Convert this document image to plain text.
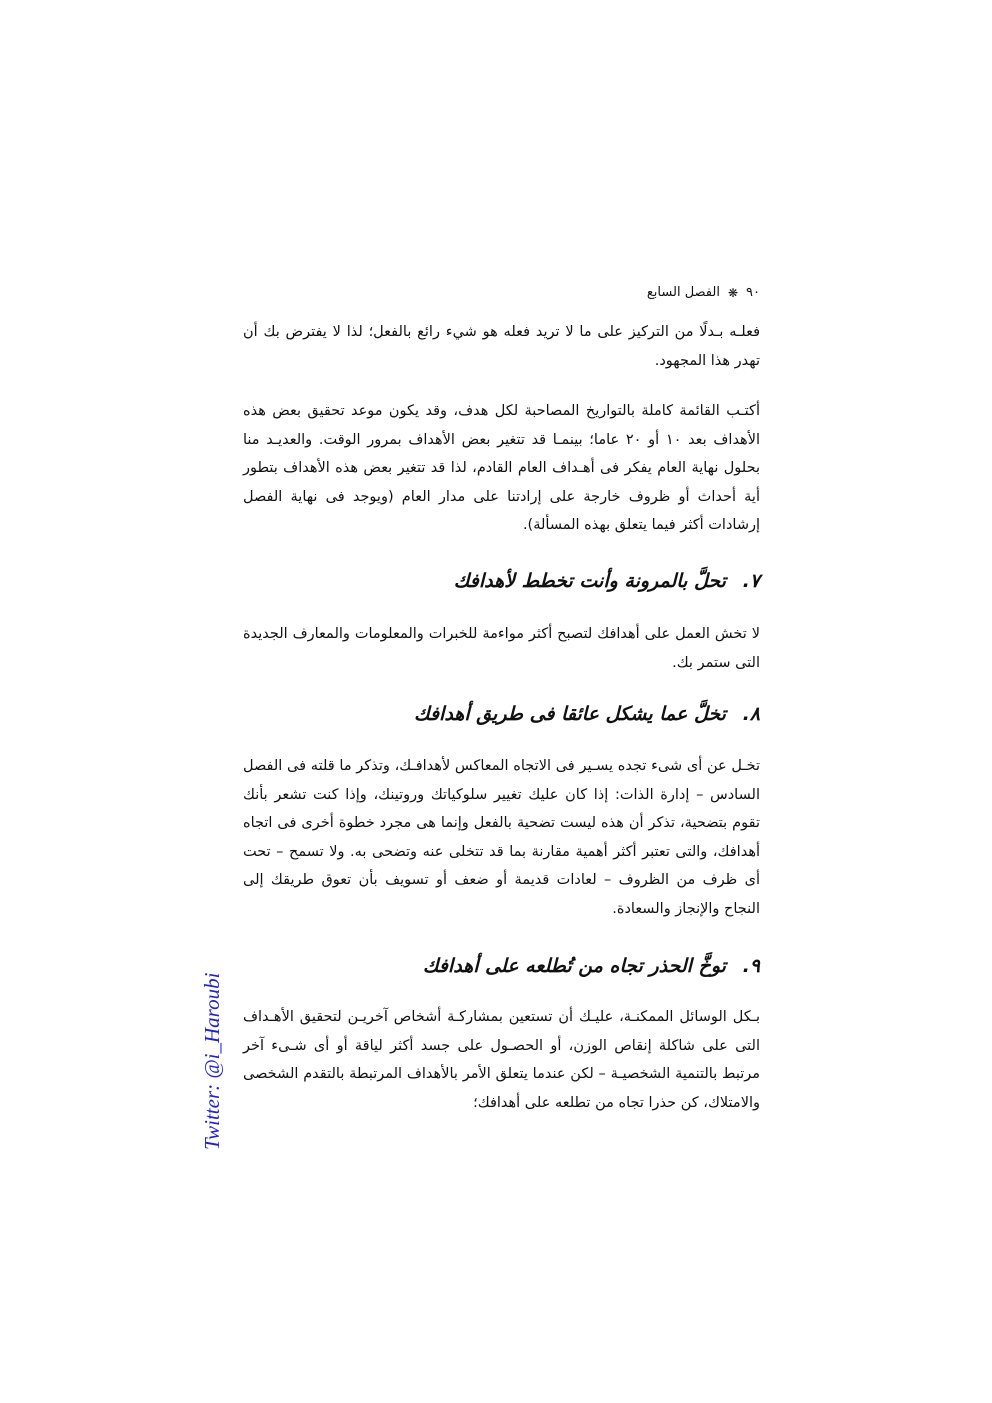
٩٠
❋
الفصل السابع

فعلـه بـدلًا من التركيز على ما لا تريد فعله هو شيء رائع بالفعل؛ لذا لا يفترض بك أن تهدر هذا المجهود.

أكتـب القائمة كاملة بالتواريخ المصاحبة لكل هدف، وقد يكون موعد تحقيق بعض هذه الأهداف بعد ١٠ أو ٢٠ عاما؛ بينمـا قد تتغير بعض الأهداف بمرور الوقت. والعديـد منا بحلول نهاية العام يفكر فى أهـداف العام القادم، لذا قد تتغير بعض هذه الأهداف بتطور أية أحداث أو ظروف خارجة على إرادتنا على مدار العام (ويوجد فى نهاية الفصل إرشادات أكثر فيما يتعلق بهذه المسألة).

٧. تحلَّ بالمرونة وأنت تخطط لأهدافك

لا تخش العمل على أهدافك لتصبح أكثر مواءمة للخبرات والمعلومات والمعارف الجديدة التى ستمر بك.

٨. تخلَّ عما يشكل عائقا فى طريق أهدافك

تخـل عن أى شىء تجده يسـير فى الاتجاه المعاكس لأهدافـك، وتذكر ما قلته فى الفصل السادس – إدارة الذات: إذا كان عليك تغيير سلوكياتك وروتينك، وإذا كنت تشعر بأنك تقوم بتضحية، تذكر أن هذه ليست تضحية بالفعل وإنما هى مجرد خطوة أخرى فى اتجاه أهدافك، والتى تعتبر أكثر أهمية مقارنة بما قد تتخلى عنه وتضحى به. ولا تسمح – تحت أى ظرف من الظروف – لعادات قديمة أو ضعف أو تسويف بأن تعوق طريقك إلى النجاح والإنجاز والسعادة.

٩. توخَّ الحذر تجاه من تُطلعه على أهدافك

بـكل الوسائل الممكنـة، عليـك أن تستعين بمشاركـة أشخاص آخريـن لتحقيق الأهـداف التى على شاكلة إنقاص الوزن، أو الحصـول على جسد أكثر لياقة أو أى شـىء آخر مرتبط بالتنمية الشخصيـة – لكن عندما يتعلق الأمر بالأهداف المرتبطة بالتقدم الشخصى والامتلاك، كن حذرا تجاه من تطلعه على أهدافك؛

Twitter: @i_Haroubi
